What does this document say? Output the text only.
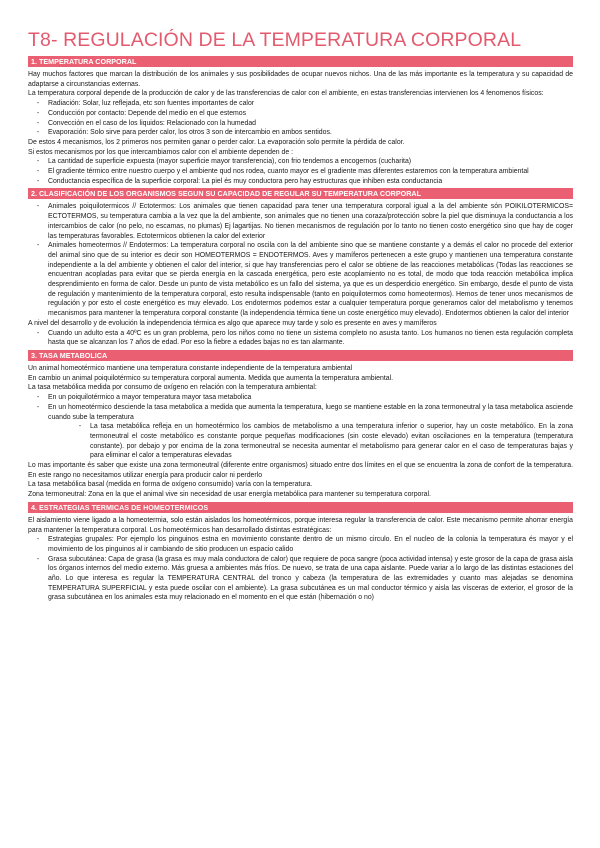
T8- REGULACIÓN DE LA TEMPERATURA CORPORAL
1. TEMPERATURA CORPORAL

Hay muchos factores que marcan la distribución de los animales y sus posibilidades de ocupar nuevos nichos. Una de las más importante es la temperatura y su capacidad de adaptarse a circunstancias externas.

La temperatura corporal depende de la producción de calor y de las transferencias de calor con el ambiente, en estas transferencias intervienen los 4 fenomenos físicos:

-	Radiación: Solar, luz reflejada, etc son fuentes importantes de calor
-	Conducción por contacto: Depende del medio en el que estemos
-	Convección en el caso de los liquidos: Relacionado con la humedad
-	Evaporación: Solo sirve para perder calor, los otros 3 son de intercambio en ambos sentidos.

De estos 4 mecanismos, los 2 primeros nos permiten ganar o perder calor. La evaporación solo permite la pérdida de calor.

Si estos mecanismos por los que intercambiamos calor con el ambiente dependen de :

-	La cantidad de superficie expuesta (mayor superficie mayor transferencia), con frio tendemos a encogernos (cucharita)
-	El gradiente térmico entre nuestro cuerpo y el ambiente qud nos rodea, cuanto mayor es el gradiente mas diferentes estaremos con la temperatura ambiental
-	Conductancia específica de la superficie corporal: La piel és muy conductora pero hay estructuras que inhiben esta conductancia
2. CLASIFICACIÓN DE LOS ORGANISMOS SEGUN SU CAPACIDAD DE REGULAR SU TEMPERATURA CORPORAL
-	Animales poiquilotermicos // Ectotermos: Los animales que tienen capacidad para tener una temperatura corporal igual a la del ambiente són POIKILOTERMICOS= ECTOTERMOS, su temperatura cambia a la vez que la del ambiente, son animales que no tienen una coraza/protección sobre la piel que disminuya la conductancia a los intercambios de calor (no pelo, no escamas, no plumas) Ej lagartijas. No tienen mecanismos de regulación por lo tanto no tienen costo energético sino que hay de coger las temperaturas favorables. Ectotermicos obtienen la calor del exterior
-	Animales homeotermos // Endotermos: La temperatura corporal no oscila con la del ambiente sino que se mantiene constante y a demás el calor no procede del exterior del animal sino que de su interior es decir son HOMEOTERMOS = ENDOTERMOS. Aves y mamíferos pertenecen a este grupo y mantienen una temperatura constante independiente a la del ambiente y obtienen el calor del interior, si que hay transferencias pero el calor se obtiene de las reacciones metabólicas (Todas las reacciones se encuentran acopladas para evitar que se pierda energía en la cascada energética, pero este acoplamiento no es total, de modo que toda reacción metabólica implica desprendimiento en forma de calor. Desde un punto de vista metabólico es un fallo del sistema, ya que es un desperdicio energético. Sin embargo, desde el punto de vista de regulación y mantenimiento de la temperatura corporal, esto resulta indispensable (tanto en poiquilotermos como homeotermos). Hemos de tener unos mecanismos de regulación y por esto el coste energético es muy elevado. Los endotermos podemos estar a cualquier temperatura porque generamos calor del metabolismo y tenemos mecanismos para mantener la temperatura corporal constante (la independencia térmica tiene un coste energético muy elevado). Endotermos obtienen la calor del interior

A nivel del desarrollo y de evolución la independencia térmica es algo que aparece muy tarde y solo es presente en aves y mamíferos

-	Cuando un adulto esta a 40ºC es un gran problema, pero los niños como no tiene un sistema completo no asusta tanto. Los humanos no tienen esta regulación completa hasta que se alcanzan los 7 años de edad. Por eso la fiebre a edades bajas no es tan alarmante.
3. TASA METABOLICA

Un animal homeotérmico mantiene una temperatura constante independiente de la temperatura ambiental

En cambio un animal poiquilotérmico su temperatura corporal aumenta. Medida que aumenta la temperatura ambiental.

La tasa metabólica medida por consumo de oxígeno en relación con la temperatura ambiental:

-	En un poiquilotérmico a mayor temperatura mayor tasa metabolica
-	En un homeotérmico desciende la tasa metabolica a medida que aumenta la temperatura, luego se mantiene estable en la zona termoneutral y la tasa metabolica asciende cuando sube la temperatura
-	La tasa metabólica refleja en un homeotérmico los cambios de metabolismo a una temperatura inferior o superior, hay un coste metabólico. En la zona termoneutral el coste metabólico es constante porque pequeñas modificaciones (sin coste elevado) evitan oscilaciones en la temperatura (temperatura constante). por debajo y por encima de la zona termoneutral se necesita aumentar el metabolismo para generar calor en el caso de temperaturas bajas y para eliminar el calor a temperaturas elevadas

Lo mas importante és saber que existe una zona termoneutral (diferente entre organismos) situado entre dos límites en el que se encuentra la zona de confort de la temperatura. En este rango no necesitamos utilizar energía para producir calor ni perderlo

La tasa metabólica basal (medida en forma de oxígeno consumido) varía con la temperatura.

Zona termoneutral: Zona en la que el animal vive sin necesidad de usar energía metabólica para mantener su temperatura corporal.

4. ESTRATEGIAS TERMICAS DE HOMEOTERMICOS

El aislamiento viene ligado a la homeotermia, solo están aislados los homeotérmicos, porque interesa regular la transferencia de calor. Este mecanismo permite ahorrar energía para mantener la temperatura corporal. Los homeotérmicos han desarrollado distintas estratégicas:

-	Estrategias grupales: Por ejemplo los pinguinos estna en movimiento constante dentro de un mismo circulo. En el nucleo de la colonia la temperatura és mayor y el movimiento de los pinguinos al ir cambiando de sitio producen un espacio calido
-	Grasa subcutánea: Capa de grasa (la grasa es muy mala conductora de calor) que requiere de poca sangre (poca actividad intensa) y este grosor de la capa de grasa aisla los órganos internos del medio externo. Más gruesa a ambientes más fríos. De nuevo, se trata de una capa aislante. Puede variar a lo largo de las distintas estaciones del año. Lo que interesa es regular la TEMPERATURA CENTRAL del tronco y cabeza (la temperatura de las extremidades y cuanto mas alejadas se denomina TEMPERATURA SUPERFICIAL y esta puede oscilar con el ambiente). La grasa subcutánea es un mal conductor térmico y aisla las vísceras de exterior, el grosor de la grasa subcutánea en los animales esta muy relacionado en el momento en el que están (hibernación o no)
